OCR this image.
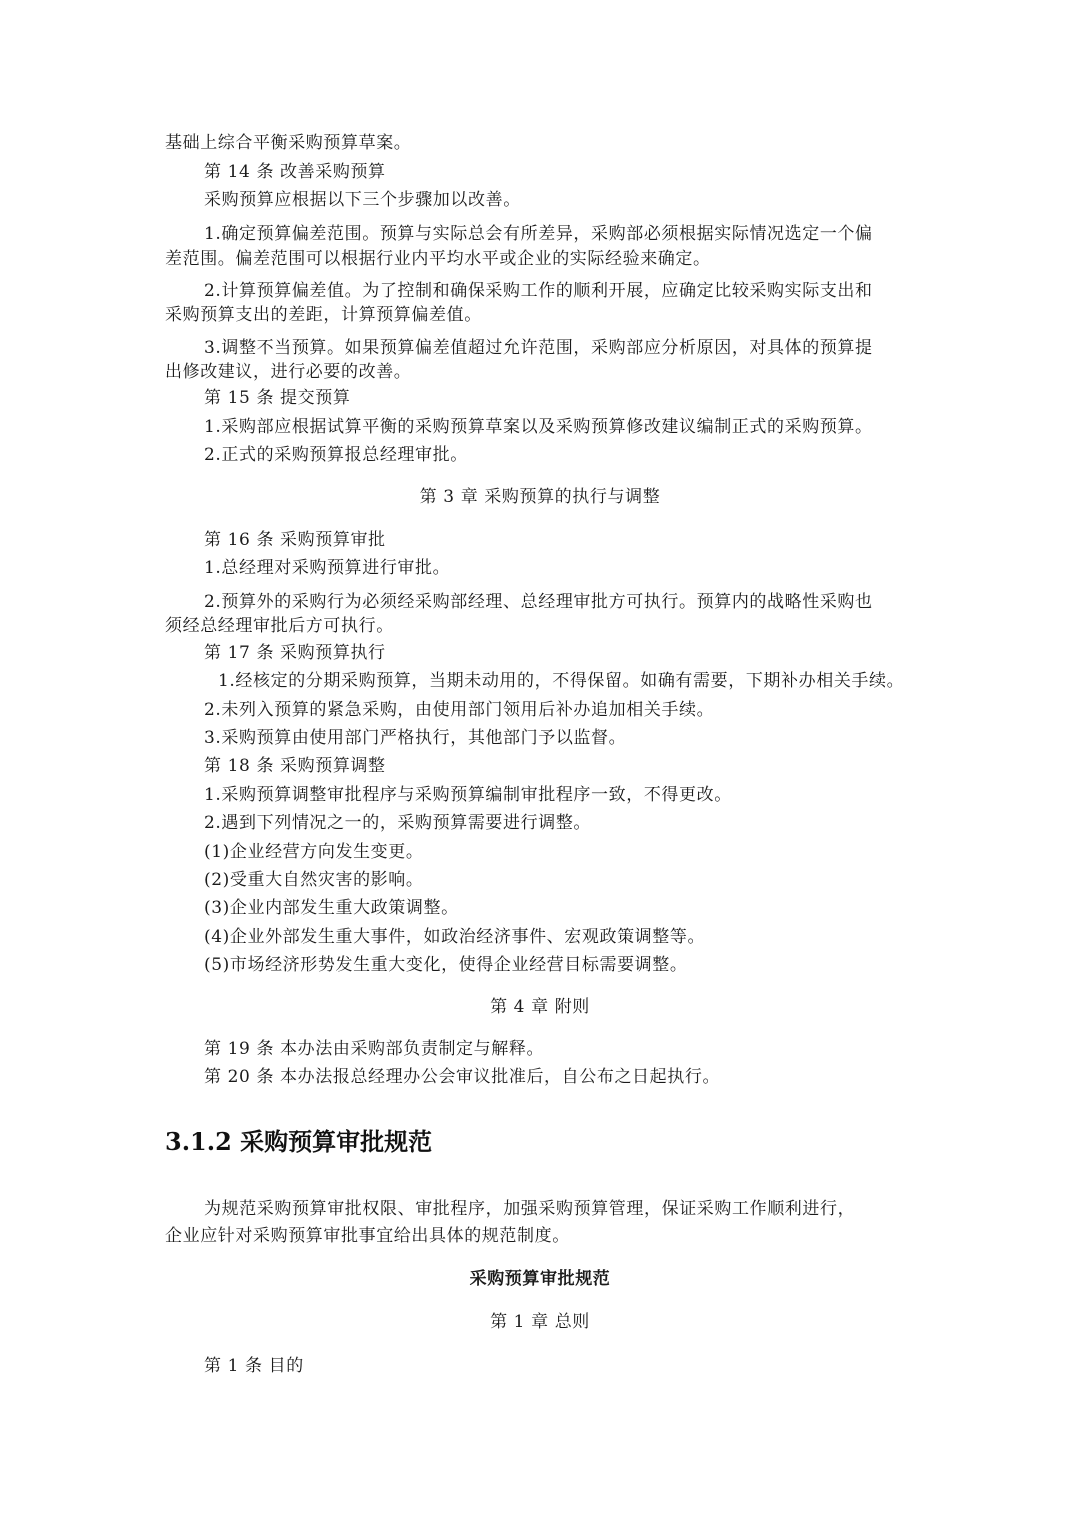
基础上综合平衡采购预算草案。
第 14 条 改善采购预算
采购预算应根据以下三个步骤加以改善。
1.确定预算偏差范围。预算与实际总会有所差异，采购部必须根据实际情况选定一个偏
差范围。偏差范围可以根据行业内平均水平或企业的实际经验来确定。
2.计算预算偏差值。为了控制和确保采购工作的顺利开展，应确定比较采购实际支出和
采购预算支出的差距，计算预算偏差值。
3.调整不当预算。如果预算偏差值超过允许范围，采购部应分析原因，对具体的预算提
出修改建议，进行必要的改善。
第 15 条 提交预算
1.采购部应根据试算平衡的采购预算草案以及采购预算修改建议编制正式的采购预算。
2.正式的采购预算报总经理审批。
第 3 章 采购预算的执行与调整
第 16 条 采购预算审批
1.总经理对采购预算进行审批。
2.预算外的采购行为必须经采购部经理、总经理审批方可执行。预算内的战略性采购也
须经总经理审批后方可执行。
第 17 条 采购预算执行
1.经核定的分期采购预算，当期未动用的，不得保留。如确有需要，下期补办相关手续。
2.未列入预算的紧急采购，由使用部门领用后补办追加相关手续。
3.采购预算由使用部门严格执行，其他部门予以监督。
第 18 条 采购预算调整
1.采购预算调整审批程序与采购预算编制审批程序一致，不得更改。
2.遇到下列情况之一的，采购预算需要进行调整。
(1)企业经营方向发生变更。
(2)受重大自然灾害的影响。
(3)企业内部发生重大政策调整。
(4)企业外部发生重大事件，如政治经济事件、宏观政策调整等。
(5)市场经济形势发生重大变化，使得企业经营目标需要调整。
第 4 章 附则
第 19 条 本办法由采购部负责制定与解释。
第 20 条 本办法报总经理办公会审议批准后，自公布之日起执行。
3.1.2 采购预算审批规范
为规范采购预算审批权限、审批程序，加强采购预算管理，保证采购工作顺利进行，
企业应针对采购预算审批事宜给出具体的规范制度。
采购预算审批规范
第 1 章 总则
第 1 条 目的
